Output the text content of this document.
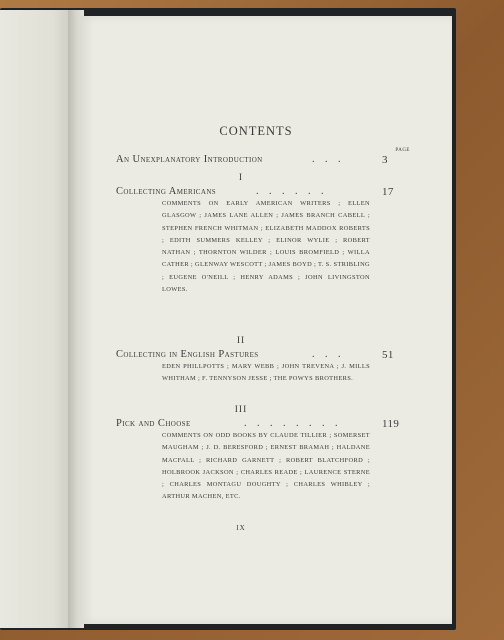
CONTENTS
PAGE
An Unexplanatory Introduction	. . .	3
I
Collecting Americans	. . . . . .	17
COMMENTS ON EARLY AMERICAN WRITERS ; ELLEN GLASGOW ; JAMES LANE ALLEN ; JAMES BRANCH CABELL ; STEPHEN FRENCH WHITMAN ; ELIZABETH MADDOX ROBERTS ; EDITH SUMMERS KELLEY ; ELINOR WYLIE ; ROBERT NATHAN ; THORNTON WILDER ; LOUIS BROMFIELD ; WILLA CATHER ; GLENWAY WESCOTT ; JAMES BOYD ; T. S. STRIBLING ; EUGENE O'NEILL ; HENRY ADAMS ; JOHN LIVINGSTON LOWES.
II
Collecting in English Pastures	. . .	51
EDEN PHILLPOTTS ; MARY WEBB ; JOHN TREVENA ; J. MILLS WHITHAM ; F. TENNYSON JESSE ; THE POWYS BROTHERS.
III
Pick and Choose	. . . . . . . .	119
COMMENTS ON ODD BOOKS BY CLAUDE TILLIER ; SOMERSET MAUGHAM ; J. D. BERESFORD ; ERNEST BRAMAH ; HALDANE MACFALL ; RICHARD GARNETT ; ROBERT BLATCHFORD ; HOLBROOK JACKSON ; CHARLES READE ; LAURENCE STERNE ; CHARLES MONTAGU DOUGHTY ; CHARLES WHIBLEY ; ARTHUR MACHEN, ETC.
ix
